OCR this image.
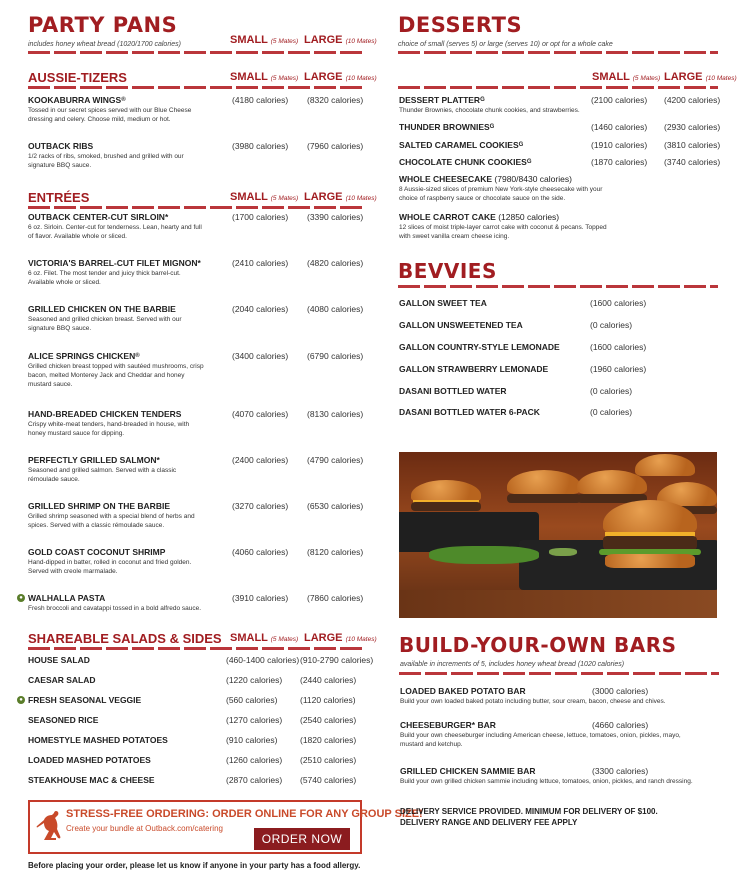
PARTY PANS
includes honey wheat bread (1020/1700 calories)	SMALL (5 Mates) LARGE (10 Mates)
AUSSIE-TIZERS	SMALL (5 Mates) LARGE (10 Mates)
KOOKABURRA WINGS®
Tossed in our secret spices served with our Blue Cheese dressing and celery. Choose mild, medium or hot.
(4180 calories) (8320 calories)
OUTBACK RIBS
1/2 racks of ribs, smoked, brushed and grilled with our signature BBQ sauce.
(3980 calories) (7960 calories)
ENTRÉES	SMALL (5 Mates) LARGE (10 Mates)
OUTBACK CENTER-CUT SIRLOIN*
6 oz. Sirloin. Center-cut for tenderness. Lean, hearty and full of flavor. Available whole or sliced.
(1700 calories) (3390 calories)
VICTORIA'S BARREL-CUT FILET MIGNON*
6 oz. Filet. The most tender and juicy thick barrel-cut. Available whole or sliced.
(2410 calories) (4820 calories)
GRILLED CHICKEN ON THE BARBIE
Seasoned and grilled chicken breast. Served with our signature BBQ sauce.
(2040 calories) (4080 calories)
ALICE SPRINGS CHICKEN®
Grilled chicken breast topped with sautéed mushrooms, crisp bacon, melted Monterey Jack and Cheddar and honey mustard sauce.
(3400 calories) (6790 calories)
HAND-BREADED CHICKEN TENDERS
Crispy white-meat tenders, hand-breaded in house, with honey mustard sauce for dipping.
(4070 calories) (8130 calories)
PERFECTLY GRILLED SALMON*
Seasoned and grilled salmon. Served with a classic rémoulade sauce.
(2400 calories) (4790 calories)
GRILLED SHRIMP ON THE BARBIE
Grilled shrimp seasoned with a special blend of herbs and spices. Served with a classic rémoulade sauce.
(3270 calories) (6530 calories)
GOLD COAST COCONUT SHRIMP
Hand-dipped in batter, rolled in coconut and fried golden. Served with creole marmalade.
(4060 calories) (8120 calories)
● WALHALLA PASTA
Fresh broccoli and cavatappi tossed in a bold alfredo sauce.
(3910 calories) (7860 calories)
SHAREABLE SALADS & SIDES SMALL (5 Mates) LARGE (10 Mates)
HOUSE SALAD	(460-1400 calories) (910-2790 calories)
CAESAR SALAD	(1220 calories) (2440 calories)
● FRESH SEASONAL VEGGIE	(560 calories)	(1120 calories)
SEASONED RICE	(1270 calories) (2540 calories)
HOMESTYLE MASHED POTATOES	(910 calories)	(1820 calories)
LOADED MASHED POTATOES	(1260 calories) (2510 calories)
STEAKHOUSE MAC & CHEESE	(2870 calories) (5740 calories)
STRESS-FREE ORDERING: ORDER ONLINE FOR ANY GROUP SIZE!
Create your bundle at Outback.com/catering
ORDER NOW
Before placing your order, please let us know if anyone in your party has a food allergy.
DESSERTS
choice of small (serves 5) or large (serves 10) or opt for a whole cake
SMALL (5 Mates) LARGE (10 Mates)
DESSERT $PLATTER^G$
Thunder Brownies, chocolate chunk cookies, and strawberries.
(2100 calories) (4200 calories)
THUNDER $BROWNIES^G$	(1460 calories) (2930 calories)
SALTED CARAMEL $COOKIES^G$	(1910 calories) (3810 calories)
CHOCOLATE CHUNK $COOKIES^G$	(1870 calories) (3740 calories)
WHOLE CHEESECAKE (7980/8430 calories)
8 Aussie-sized slices of premium New York-style cheesecake with your choice of raspberry sauce or chocolate sauce on the side.
WHOLE CARROT CAKE (12850 calories)
12 slices of moist triple-layer carrot cake with coconut & pecans. Topped with sweet vanilla cream cheese icing.
BEVVIES
GALLON SWEET TEA	(1600 calories)
GALLON UNSWEETENED TEA	(0 calories)
GALLON COUNTRY-STYLE LEMONADE	(1600 calories)
GALLON STRAWBERRY LEMONADE	(1960 calories)
DASANI BOTTLED WATER	(0 calories)
DASANI BOTTLED WATER 6-PACK	(0 calories)
BUILD-YOUR-OWN BARS
available in increments of 5, includes honey wheat bread (1020 calories)
LOADED BAKED POTATO BAR
Build your own loaded baked potato including butter, sour cream, bacon, cheese and chives.
(3000 calories)
CHEESEBURGER* BAR
Build your own cheeseburger including American cheese, lettuce, tomatoes, onion, pickles, mayo, mustard and ketchup.
(4660 calories)
GRILLED CHICKEN SAMMIE BAR
Build your own grilled chicken sammie including lettuce, tomatoes, onion, pickles, and ranch dressing.
(3300 calories)
DELIVERY SERVICE PROVIDED. MINIMUM FOR DELIVERY OF $100.
DELIVERY RANGE AND DELIVERY FEE APPLY
